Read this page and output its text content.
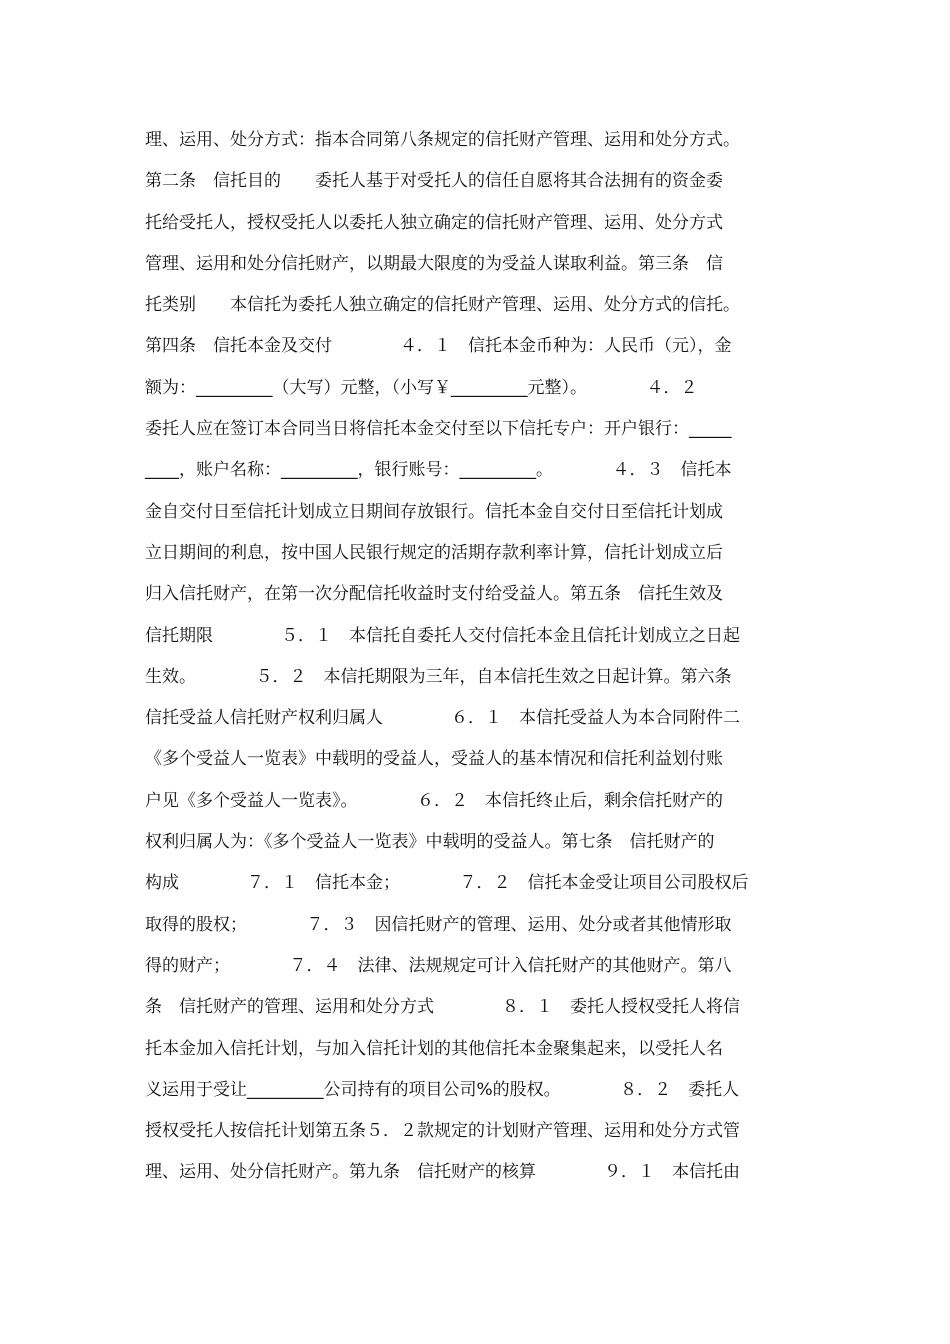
理、运用、处分方式：指本合同第八条规定的信托财产管理、运用和处分方式。
第二条　信托目的　　委托人基于对受托人的信任自愿将其合法拥有的资金委
托给受托人，授权受托人以委托人独立确定的信托财产管理、运用、处分方式
管理、运用和处分信托财产，以期最大限度的为受益人谋取利益。第三条　信
托类别　　本信托为委托人独立确定的信托财产管理、运用、处分方式的信托。
第四条　信托本金及交付　　　　４．１　信托本金币种为：人民币（元），金
额为：_________（大写）元整，（小写￥_________元整）。　　　　４．２
委托人应在签订本合同当日将信托本金交付至以下信托专户：开户银行：_____
____，账户名称：_________，银行账号：_________。　　　　４．３　信托本
金自交付日至信托计划成立日期间存放银行。信托本金自交付日至信托计划成
立日期间的利息，按中国人民银行规定的活期存款利率计算，信托计划成立后
归入信托财产，在第一次分配信托收益时支付给受益人。第五条　信托生效及
信托期限　　　　５．１　本信托自委托人交付信托本金且信托计划成立之日起
生效。　　　　５．２　本信托期限为三年，自本信托生效之日起计算。第六条
信托受益人信托财产权利归属人　　　　６．１　本信托受益人为本合同附件二
《多个受益人一览表》中载明的受益人，受益人的基本情况和信托利益划付账
户见《多个受益人一览表》。　　　　６．２　本信托终止后，剩余信托财产的
权利归属人为：《多个受益人一览表》中载明的受益人。第七条　信托财产的
构成　　　　７．１　信托本金；　　　　７．２　信托本金受让项目公司股权后
取得的股权；　　　　７．３　因信托财产的管理、运用、处分或者其他情形取
得的财产；　　　　７．４　法律、法规规定可计入信托财产的其他财产。第八
条　信托财产的管理、运用和处分方式　　　　８．１　委托人授权受托人将信
托本金加入信托计划，与加入信托计划的其他信托本金聚集起来，以受托人名
义运用于受让_________公司持有的项目公司%的股权。　　　　８．２　委托人
授权受托人按信托计划第五条５．２款规定的计划财产管理、运用和处分方式管
理、运用、处分信托财产。第九条　信托财产的核算　　　　９．１　本信托由
